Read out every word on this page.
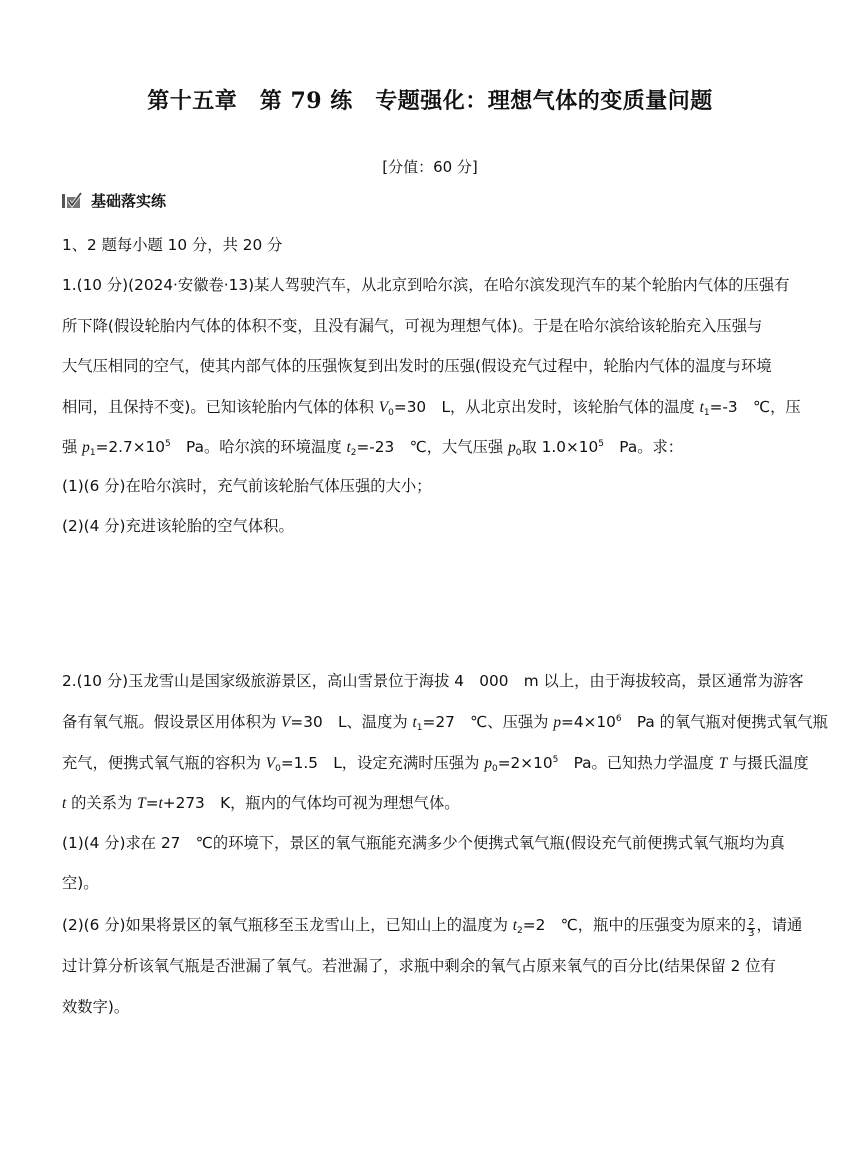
第十五章　第 79 练　专题强化：理想气体的变质量问题
[分值：60 分]
基础落实练
1、2 题每小题 10 分，共 20 分
1.(10 分)(2024·安徽卷·13)某人驾驶汽车，从北京到哈尔滨，在哈尔滨发现汽车的某个轮胎内气体的压强有
所下降(假设轮胎内气体的体积不变，且没有漏气，可视为理想气体)。于是在哈尔滨给该轮胎充入压强与
大气压相同的空气，使其内部气体的压强恢复到出发时的压强(假设充气过程中，轮胎内气体的温度与环境
相同，且保持不变)。已知该轮胎内气体的体积 $V_0=30$　L，从北京出发时，该轮胎气体的温度 $t_1=-3$　℃，压
强 $p_1=2.7\times 10^5$　Pa。哈尔滨的环境温度 $t_2=-23$　℃，大气压强 $p_0$取 $1.0\times 10^5$　Pa。求：
(1)(6 分)在哈尔滨时，充气前该轮胎气体压强的大小；
(2)(4 分)充进该轮胎的空气体积。
2.(10 分)玉龙雪山是国家级旅游景区，高山雪景位于海拔 4　000　m 以上，由于海拔较高，景区通常为游客
备有氧气瓶。假设景区用体积为 V=30　L、温度为 $t_1=27$　℃、压强为 $p=4\times 10^6$　Pa 的氧气瓶对便携式氧气瓶
充气，便携式氧气瓶的容积为 $V_0=1.5$　L，设定充满时压强为 $p_0=2\times 10^5$　Pa。已知热力学温度 T 与摄氏温度
t 的关系为 T=t+273　K，瓶内的气体均可视为理想气体。
(1)(4 分)求在 27　℃的环境下，景区的氧气瓶能充满多少个便携式氧气瓶(假设充气前便携式氧气瓶均为真
空)。
(2)(6 分)如果将景区的氧气瓶移至玉龙雪山上，已知山上的温度为 $t_2=2$　℃，瓶中的压强变为原来的 $\frac{2}{3}$ ，请通
过计算分析该氧气瓶是否泄漏了氧气。若泄漏了，求瓶中剩余的氧气占原来氧气的百分比(结果保留 2 位有
效数字)。
